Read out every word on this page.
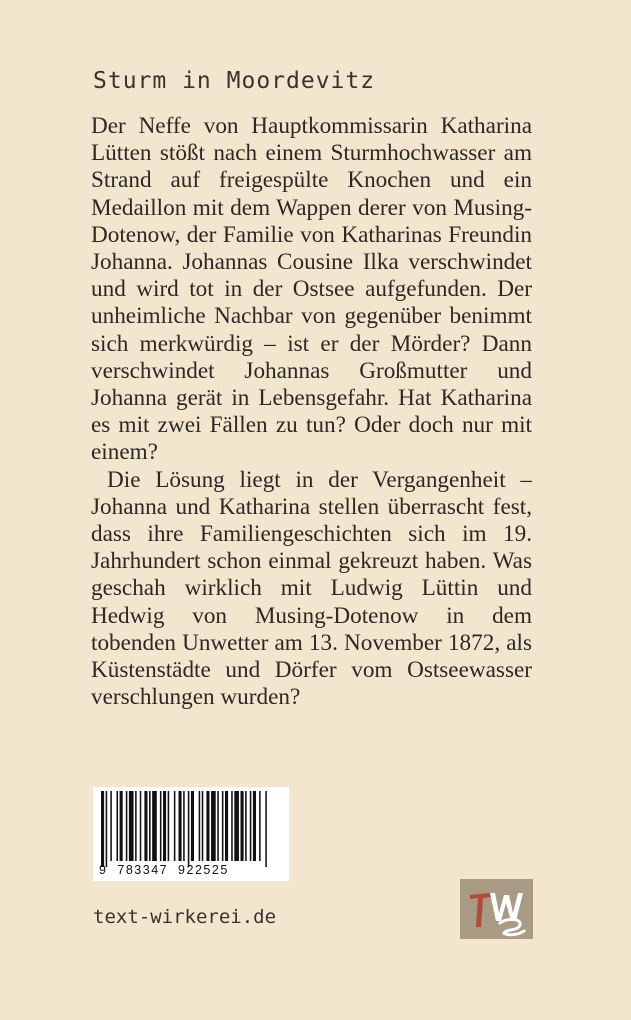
Sturm in Moordevitz

Der Neffe von Hauptkommissarin Katharina Lütten stößt nach einem Sturmhochwasser am Strand auf freigespülte Knochen und ein Medaillon mit dem Wappen derer von Musing-Dotenow, der Familie von Katharinas Freundin Johanna. Johannas Cousine Ilka verschwindet und wird tot in der Ostsee aufgefunden. Der unheimliche Nachbar von gegenüber benimmt sich merkwürdig – ist er der Mörder? Dann verschwindet Johannas Großmutter und Johanna gerät in Lebensgefahr. Hat Katharina es mit zwei Fällen zu tun? Oder doch nur mit einem?

Die Lösung liegt in der Vergangenheit – Johanna und Katharina stellen überrascht fest, dass ihre Familiengeschichten sich im 19. Jahrhundert schon einmal gekreuzt haben. Was geschah wirklich mit Ludwig Lüttin und Hedwig von Musing-Dotenow in dem tobenden Unwetter am 13. November 1872, als Küstenstädte und Dörfer vom Ostseewasser verschlungen wurden?

9  783347  922525
text-wirkerei.de
